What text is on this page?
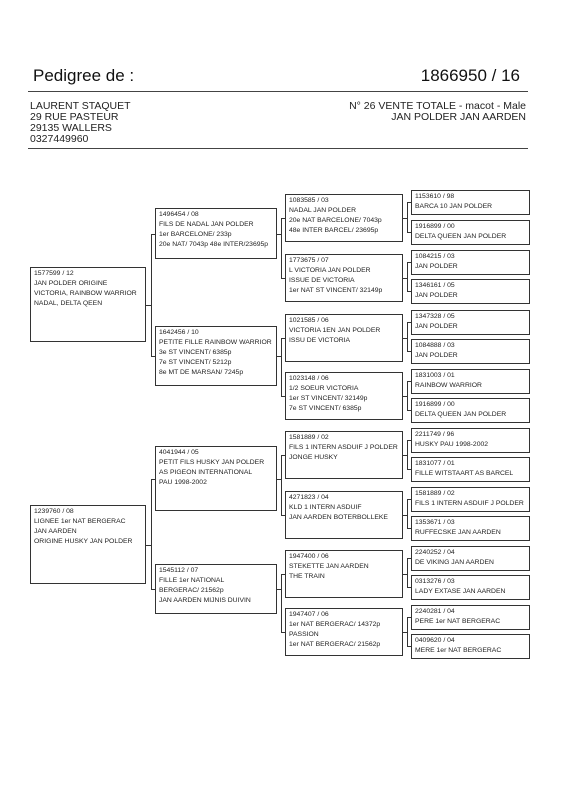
Pedigree de :	1866950 / 16
LAURENT STAQUET
29 RUE PASTEUR
29135 WALLERS
0327449960
N° 26 VENTE TOTALE - macot - Male
JAN POLDER JAN AARDEN
1577599 / 12
JAN POLDER ORIGINE
VICTORIA, RAINBOW WARRIOR
NADAL, DELTA QEEN
1239760 / 08
LIGNEE 1er NAT BERGERAC
JAN AARDEN
ORIGINE HUSKY JAN POLDER
1496454 / 08
FILS DE NADAL JAN POLDER
1er BARCELONE/ 233p
20e NAT/ 7043p 48e INTER/23695p
1642456 / 10
PETITE FILLE RAINBOW WARRIOR
3e ST VINCENT/ 6385p
7e ST VINCENT/ 5212p
8e MT DE MARSAN/ 7245p
4041944 / 05
PETIT FILS HUSKY JAN POLDER
AS PIGEON INTERNATIONAL
PAU 1998-2002
1545112 / 07
FILLE 1er NATIONAL
BERGERAC/ 21562p
JAN AARDEN MIJNIS DUIVIN
1083585 / 03
NADAL JAN POLDER
20e NAT BARCELONE/ 7043p
48e INTER BARCEL/ 23695p
1773675 / 07
L VICTORIA JAN POLDER
ISSUE DE VICTORIA
1er NAT ST VINCENT/ 32149p
1021585 / 06
VICTORIA 1EN JAN POLDER
ISSU DE VICTORIA
1023148 / 06
1/2 SOEUR VICTORIA
1er ST VINCENT/ 32149p
7e ST VINCENT/ 6385p
1581889 / 02
FILS 1 INTERN ASDUIF J POLDER
JONGE HUSKY
4271823 / 04
KLD 1 INTERN ASDUIF
JAN AARDEN BOTERBOLLEKE
1947400 / 06
STEKETTE JAN AARDEN
THE TRAIN
1947407 / 06
1er NAT BERGERAC/ 14372p
PASSION
1er NAT BERGERAC/ 21562p
1153610 / 98
BARCA 10 JAN POLDER
1916899 / 00
DELTA QUEEN JAN POLDER
1084215 / 03
JAN POLDER
1346161 / 05
JAN POLDER
1347328 / 05
JAN POLDER
1084888 / 03
JAN POLDER
1831003 / 01
RAINBOW WARRIOR
1916899 / 00
DELTA QUEEN JAN POLDER
2211749 / 96
HUSKY PAU 1998-2002
1831077 / 01
FILLE WITSTAART AS BARCEL
1581889 / 02
FILS 1 INTERN ASDUIF J POLDER
1353671 / 03
RUFFECSKE JAN AARDEN
2240252 / 04
DE VIKING JAN AARDEN
0313276 / 03
LADY EXTASE JAN AARDEN
2240281 / 04
PERE 1er NAT BERGERAC
0409620 / 04
MERE 1er NAT BERGERAC
